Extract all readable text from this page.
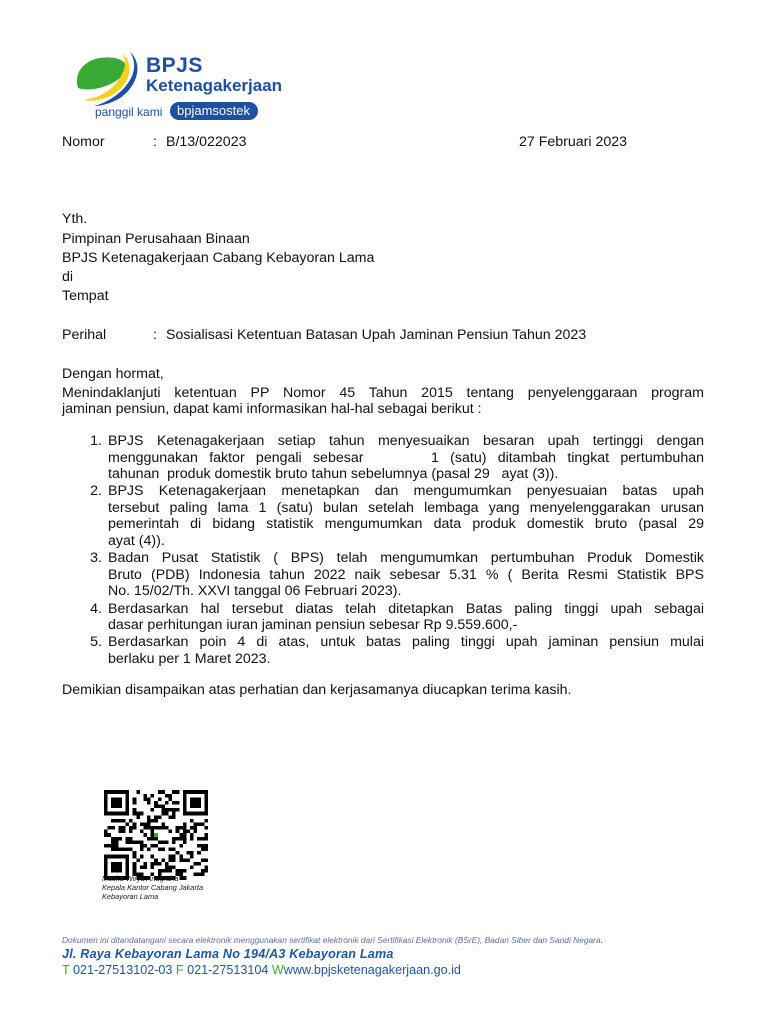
BPJS
Ketenagakerjaan
panggil kami	bpjamsostek
Nomor	: B/13/022023	27 Februari 2023
Yth.
Pimpinan Perusahaan Binaan
BPJS Ketenagakerjaan Cabang Kebayoran Lama
di
Tempat
Perihal	: Sosialisasi Ketentuan Batasan Upah Jaminan Pensiun Tahun 2023
Dengan hormat,
Menindaklanjuti ketentuan PP Nomor 45 Tahun 2015 tentang penyelenggaraan program
jaminan pensiun, dapat kami informasikan hal-hal sebagai berikut :
1. BPJS Ketenagakerjaan setiap tahun menyesuaikan besaran upah tertinggi dengan
menggunakan faktor pengali sebesar      1 (satu) ditambah tingkat pertumbuhan
tahunan  produk domestik bruto tahun sebelumnya (pasal 29   ayat (3)).
2. BPJS Ketenagakerjaan menetapkan dan mengumumkan penyesuaian batas upah
tersebut paling lama 1 (satu) bulan setelah lembaga yang menyelenggarakan urusan
pemerintah di bidang statistik mengumumkan data produk domestik bruto (pasal 29
ayat (4)).
3. Badan Pusat Statistik ( BPS) telah mengumumkan pertumbuhan Produk Domestik
Bruto (PDB) Indonesia tahun 2022 naik sebesar 5.31 % ( Berita Resmi Statistik BPS
No. 15/02/Th. XXVI tanggal 06 Februari 2023).
4. Berdasarkan hal tersebut diatas telah ditetapkan Batas paling tinggi upah sebagai
dasar perhitungan iuran jaminan pensiun sebesar Rp 9.559.600,-
5. Berdasarkan poin 4 di atas, untuk batas paling tinggi upah jaminan pensiun mulai
berlaku per 1 Maret 2023.
Demikian disampaikan atas perhatian dan kerjasamanya diucapkan terima kasih.
Muska Wirya Anugraha
Kepala Kantor Cabang Jakarta
Kebayoran Lama
Dokumen ini ditandatangani secara elektronik menggunakan sertifikat elektronik dari Sertifikasi Elektronik (BSrE), Badan Siber dan Sandi Negara.
Jl. Raya Kebayoran Lama No 194/A3 Kebayoran Lama
T 021-27513102-03 F 021-27513104 Wwww.bpjsketenagakerjaan.go.id
